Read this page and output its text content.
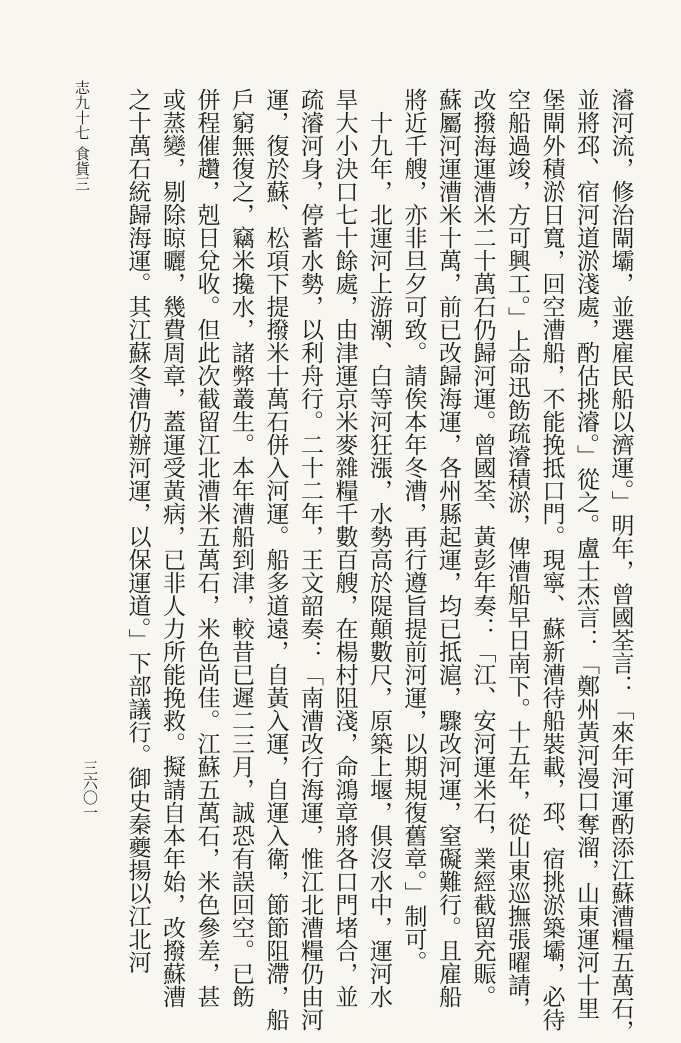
志九十七
食貨三	濬河流，修治閘壩，並選雇民船以濟運。」明年，曾國荃言：「來年河運酌添江蘇漕糧五萬石，
並將邳、宿河道淤淺處，酌估挑濬。」從之。盧士杰言：「鄭州黃河漫口奪溜，山東運河十里
堡閘外積淤日寬，回空漕船，不能挽抵口門。現寧、蘇新漕待船裝載，邳、宿挑淤築壩，必待
空船過竣，方可興工。」上命迅飭疏濬積淤，俾漕船早日南下。十五年，從山東巡撫張曜請，
改撥海運漕米二十萬石仍歸河運。曾國荃、黃彭年奏：「江、安河運米石，業經截留充賑。
蘇屬河運漕米十萬，前已改歸海運，各州縣起運，均已抵滬，驟改河運，窒礙難行。且雇船
將近千艘，亦非旦夕可致。請俟本年冬漕，再行遵旨提前河運，以期規復舊章。」制可。
　十九年，北運河上游潮、白等河狂漲，水勢高於隄顛數尺，原築上堰，俱沒水中，運河水
旱大小決口七十餘處，由津運京米麥雜糧千數百艘，在楊村阻淺，命鴻章將各口門堵合，並
疏濬河身，停蓄水勢，以利舟行。二十二年，王文韶奏：「南漕改行海運，惟江北漕糧仍由河
運，復於蘇、松項下提撥米十萬石併入河運。船多道遠，自黃入運，自運入衛，節節阻滯，船
戶窮無復之，竊米攙水，諸弊叢生。本年漕船到津，較昔已遲二三月，誠恐有誤回空。已飭
併程催趲，剋日兌收。但此次截留江北漕米五萬石，米色尚佳。江蘇五萬石，米色參差，甚
或蒸變，剔除晾曬，幾費周章，蓋運受黃病，已非人力所能挽救。擬請自本年始，改撥蘇漕
之十萬石統歸海運。其江蘇冬漕仍辦河運，以保運道。」下部議行。御史秦夔揚以江北河
三六〇一
